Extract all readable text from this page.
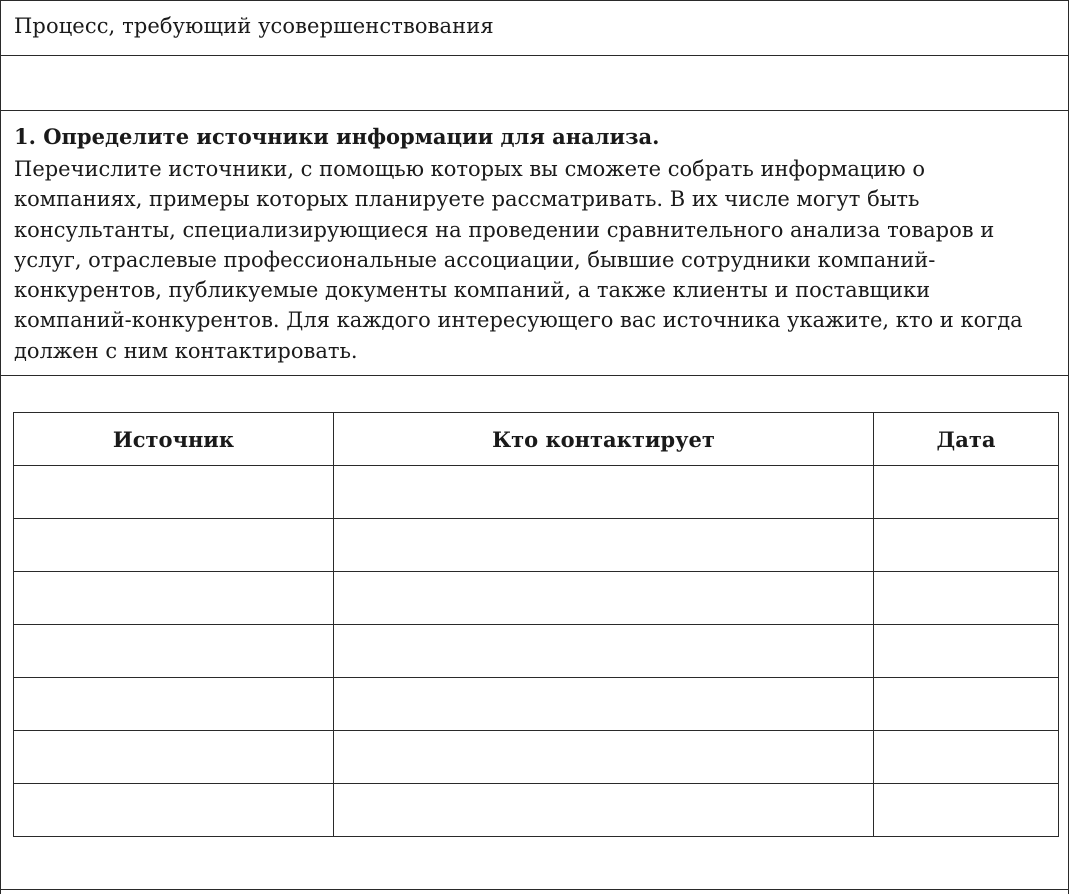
Процесс, требующий усовершенствования
1. Определите источники информации для анализа.
Перечислите источники, с помощью которых вы сможете собрать информацию о
компаниях, примеры которых планируете рассматривать. В их числе могут быть
консультанты, специализирующиеся на проведении сравнительного анализа товаров и
услуг, отраслевые профессиональные ассоциации, бывшие сотрудники компаний-
конкурентов, публикуемые документы компаний, а также клиенты и поставщики
компаний-конкурентов. Для каждого интересующего вас источника укажите, кто и когда
должен с ним контактировать.
Источник	Кто контактирует	Дата
